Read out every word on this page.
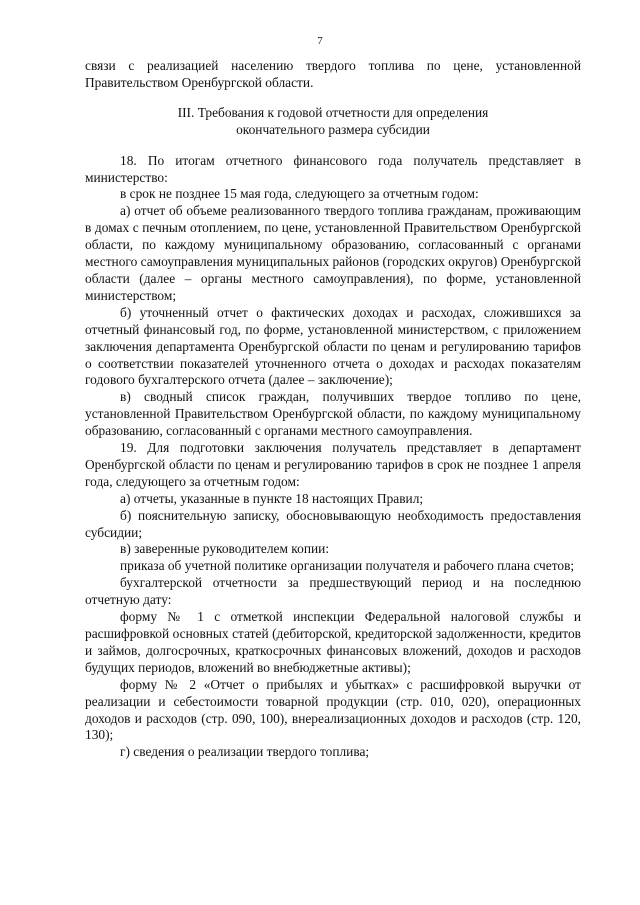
7

связи с реализацией населению твердого топлива по цене, установленной Правительством Оренбургской области.

III. Требования к годовой отчетности для определения
окончательного размера субсидии

18. По итогам отчетного финансового года получатель представляет в министерство:

в срок не позднее 15 мая года, следующего за отчетным годом:

а) отчет об объеме реализованного твердого топлива гражданам, проживающим в домах с печным отоплением, по цене, установленной Правительством Оренбургской области, по каждому муниципальному образованию, согласованный с органами местного самоуправления муниципальных районов (городских округов) Оренбургской области (далее – органы местного самоуправления), по форме, установленной министерством;

б) уточненный отчет о фактических доходах и расходах, сложившихся за отчетный финансовый год, по форме, установленной министерством, с приложением заключения департамента Оренбургской области по ценам и регулированию тарифов о соответствии показателей уточненного отчета о доходах и расходах показателям годового бухгалтерского отчета (далее – заключение);

в) сводный список граждан, получивших твердое топливо по цене, установленной Правительством Оренбургской области, по каждому муниципальному образованию, согласованный с органами местного самоуправления.

19. Для подготовки заключения получатель представляет в департамент Оренбургской области по ценам и регулированию тарифов в срок не позднее 1 апреля года, следующего за отчетным годом:

а) отчеты, указанные в пункте 18 настоящих Правил;

б) пояснительную записку, обосновывающую необходимость предоставления субсидии;

в) заверенные руководителем копии:

приказа об учетной политике организации получателя и рабочего плана счетов;

бухгалтерской отчетности за предшествующий период и на последнюю отчетную дату:

форму № 1 с отметкой инспекции Федеральной налоговой службы и расшифровкой основных статей (дебиторской, кредиторской задолженности, кредитов и займов, долгосрочных, краткосрочных финансовых вложений, доходов и расходов будущих периодов, вложений во внебюджетные активы);

форму № 2 «Отчет о прибылях и убытках» с расшифровкой выручки от реализации и себестоимости товарной продукции (стр. 010, 020), операционных доходов и расходов (стр. 090, 100), внереализационных доходов и расходов (стр. 120, 130);

г) сведения о реализации твердого топлива;
